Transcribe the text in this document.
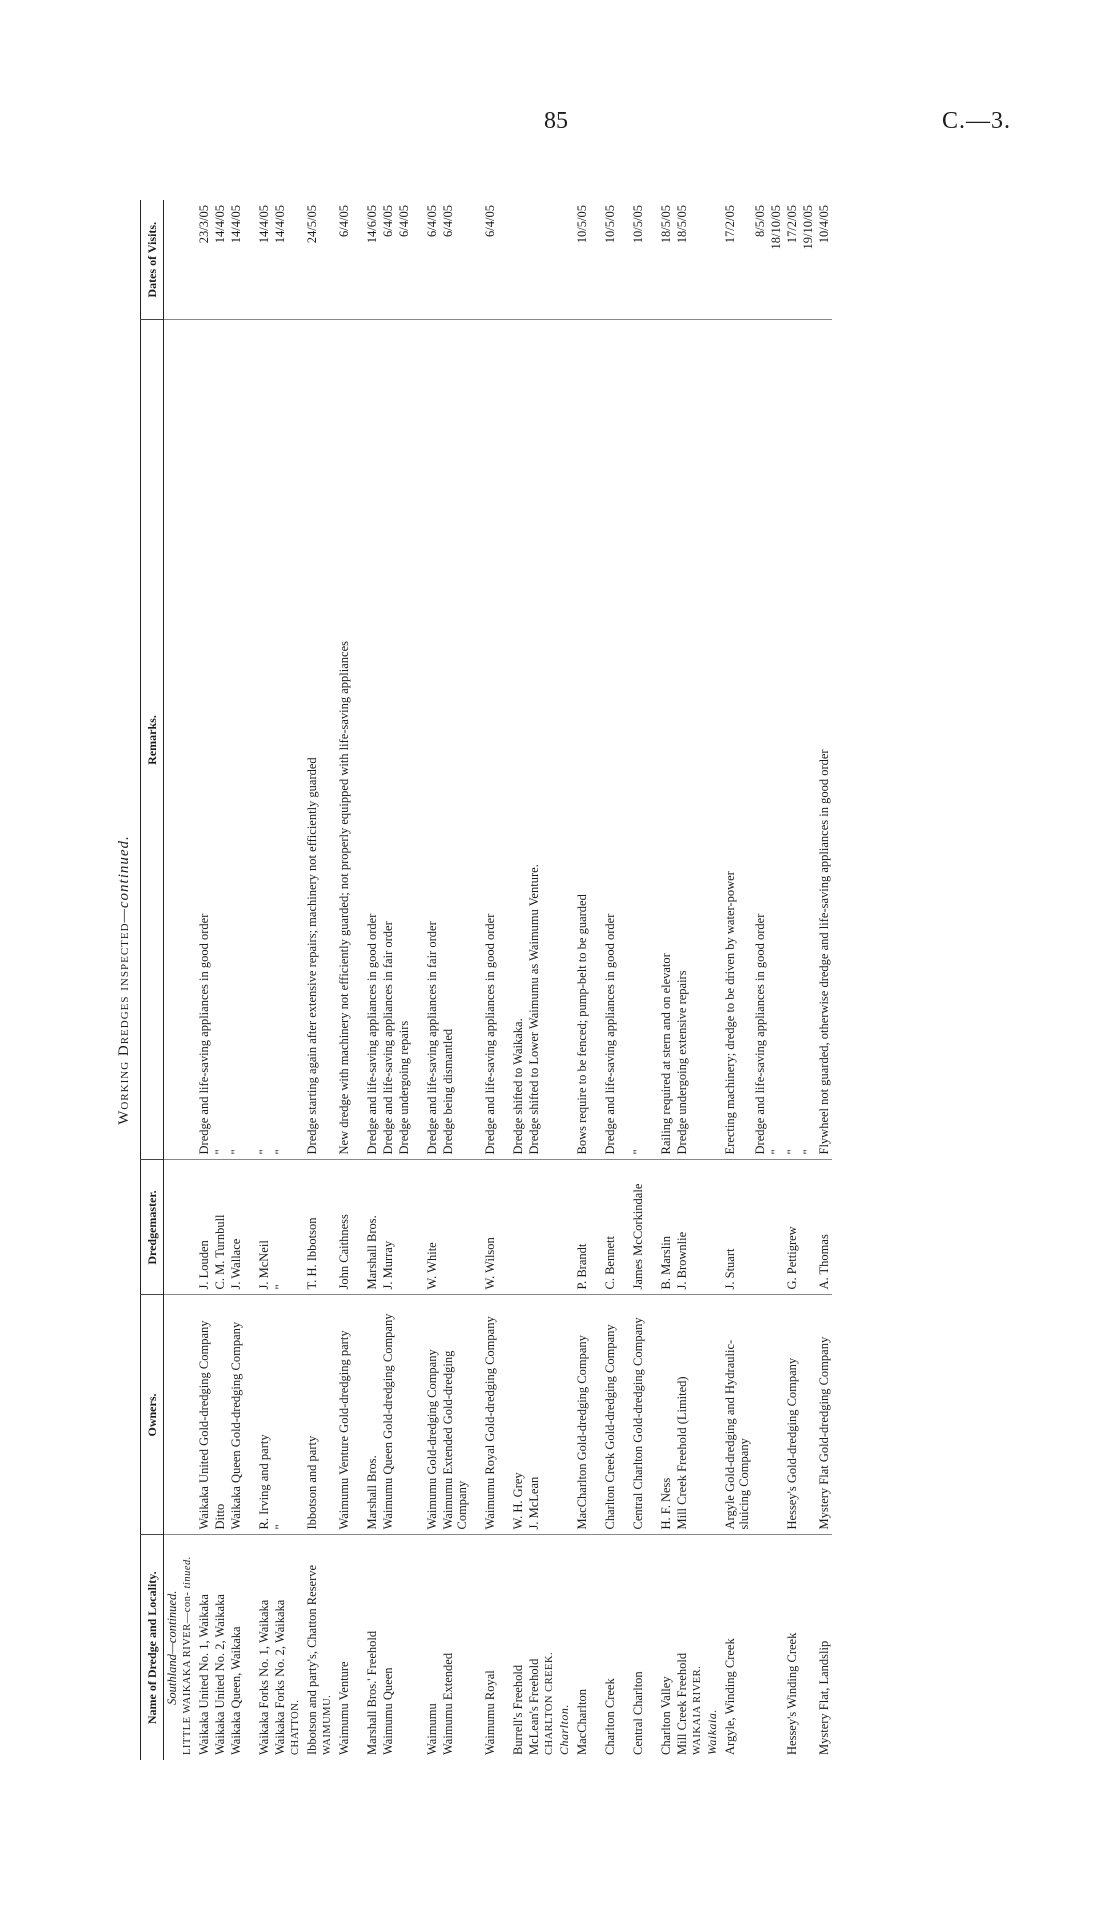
85	C.—3.
Working Dredges inspected—continued.
Name of Dredge and Locality.	Owners.	Dredgemaster.	Remarks.	Dates of Visits.
Southland—continued.				
LITTLE WAIKAKA RIVER—con- tinued.				
Waikaka United No. 1, Waikaka	Waikaka United Gold-dredging Company	J. Louden	Dredge and life-saving appliances in good order	23/3/05
Waikaka United No. 2, Waikaka	Ditto	C. M. Turnbull	"	14/4/05
Waikaka Queen, Waikaka	Waikaka Queen Gold-dredging Company	J. Wallace	"	14/4/05

Waikaka Forks No. 1, Waikaka	R. Irving and party	J. McNeil	"	14/4/05
Waikaka Forks No. 2, Waikaka	"	"	"	14/4/05
CHATTON.				
Ibbotson and party's, Chatton Reserve	Ibbotson and party	T. H. Ibbotson	Dredge starting again after extensive repairs; machinery not efficiently guarded	24/5/05
WAIMUMU.				
Waimumu Venture	Waimumu Venture Gold-dredging party	John Caithness	New dredge with machinery not efficiently guarded; not properly equipped with life-saving appliances	6/4/05

Marshall Bros.' Freehold	Marshall Bros.	Marshall Bros.	Dredge and life-saving appliances in good order	14/6/05
Waimumu Queen	Waimumu Queen Gold-dredging Company	J. Murray	Dredge and life-saving appliances in fair order	6/4/05
			Dredge undergoing repairs	6/4/05

Waimumu	Waimumu Gold-dredging Company	W. White	Dredge and life-saving appliances in fair order	6/4/05
Waimumu Extended	Waimumu Extended Gold-dredging Company		Dredge being dismantled	6/4/05

Waimumu Royal	Waimumu Royal Gold-dredging Company	W. Wilson	Dredge and life-saving appliances in good order	6/4/05

Burrell's Freehold	W. H. Grey		Dredge shifted to Waikaka.	
McLean's Freehold	J. McLean		Dredge shifted to Lower Waimumu as Waimumu Venture.	
CHARLTON CREEK. Charlton.				
MacCharlton	MacCharlton Gold-dredging Company	P. Brandt	Bows require to be fenced; pump-belt to be guarded	10/5/05

Charlton Creek	Charlton Creek Gold-dredging Company	C. Bennett	Dredge and life-saving appliances in good order	10/5/05

Central Charlton	Central Charlton Gold-dredging Company	James McCorkindale	"	10/5/05

Charlton Valley	H. F. Ness	B. Marslin	Railing required at stern and on elevator	18/5/05
Mill Creek Freehold	Mill Creek Freehold (Limited)	J. Brownlie	Dredge undergoing extensive repairs	18/5/05
WAIKAIA RIVER. Waikaia.				
Argyle, Winding Creek	Argyle Gold-dredging and Hydraulic-sluicing Company	J. Stuart	Erecting machinery; dredge to be driven by water-power	17/2/05
			Dredge and life-saving appliances in good order	8/5/05
			"	18/10/05
Hessey's Winding Creek	Hessey's Gold-dredging Company	G. Pettigrew	"	17/2/05
			"	19/10/05
Mystery Flat, Landslip	Mystery Flat Gold-dredging Company	A. Thomas	Flywheel not guarded, otherwise dredge and life-saving appliances in good order	10/4/05
